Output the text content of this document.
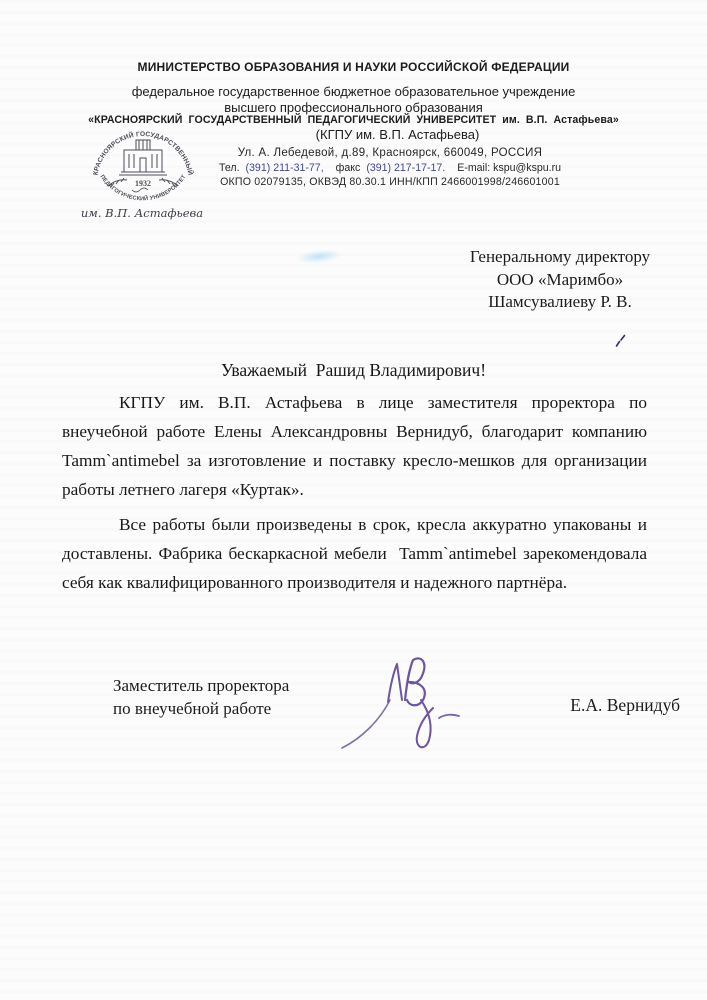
МИНИСТЕРСТВО ОБРАЗОВАНИЯ И НАУКИ РОССИЙСКОЙ ФЕДЕРАЦИИ
федеральное государственное бюджетное образовательное учреждение
высшего профессионального образования
«КРАСНОЯРСКИЙ ГОСУДАРСТВЕННЫЙ ПЕДАГОГИЧЕСКИЙ УНИВЕРСИТЕТ им. В.П. Астафьева»
(КГПУ им. В.П. Астафьева)
Ул. А. Лебедевой, д.89, Красноярск, 660049, РОССИЯ
Тел. (391) 211-31-77, факс (391) 217-17-17. E-mail: kspu@kspu.ru
ОКПО 02079135, ОКВЭД 80.30.1 ИНН/КПП 2466001998/246601001
КРАСНОЯРСКИЙ ГОСУДАРСТВЕННЫЙ
ПЕДАГОГИЧЕСКИЙ УНИВЕРСИТЕТ
1932
им. В.П. Астафьева
Генеральному директору
ООО «Маримбо»
Шамсувалиеву Р. В.
Уважаемый  Рашид Владимирович!

КГПУ им. В.П. Астафьева в лице заместителя проректора по внеучебной работе Елены Александровны Вернидуб, благодарит компанию Tamm`antimebel за изготовление и поставку кресло-мешков для организации работы летнего лагеря «Куртак».

Все работы были произведены в срок, кресла аккуратно упакованы и доставлены. Фабрика бескаркасной мебели  Tamm`antimebel зарекомендовала себя как квалифицированного производителя и надежного партнёра.

Заместитель проректора
по внеучебной работе	Е.А. Вернидуб
